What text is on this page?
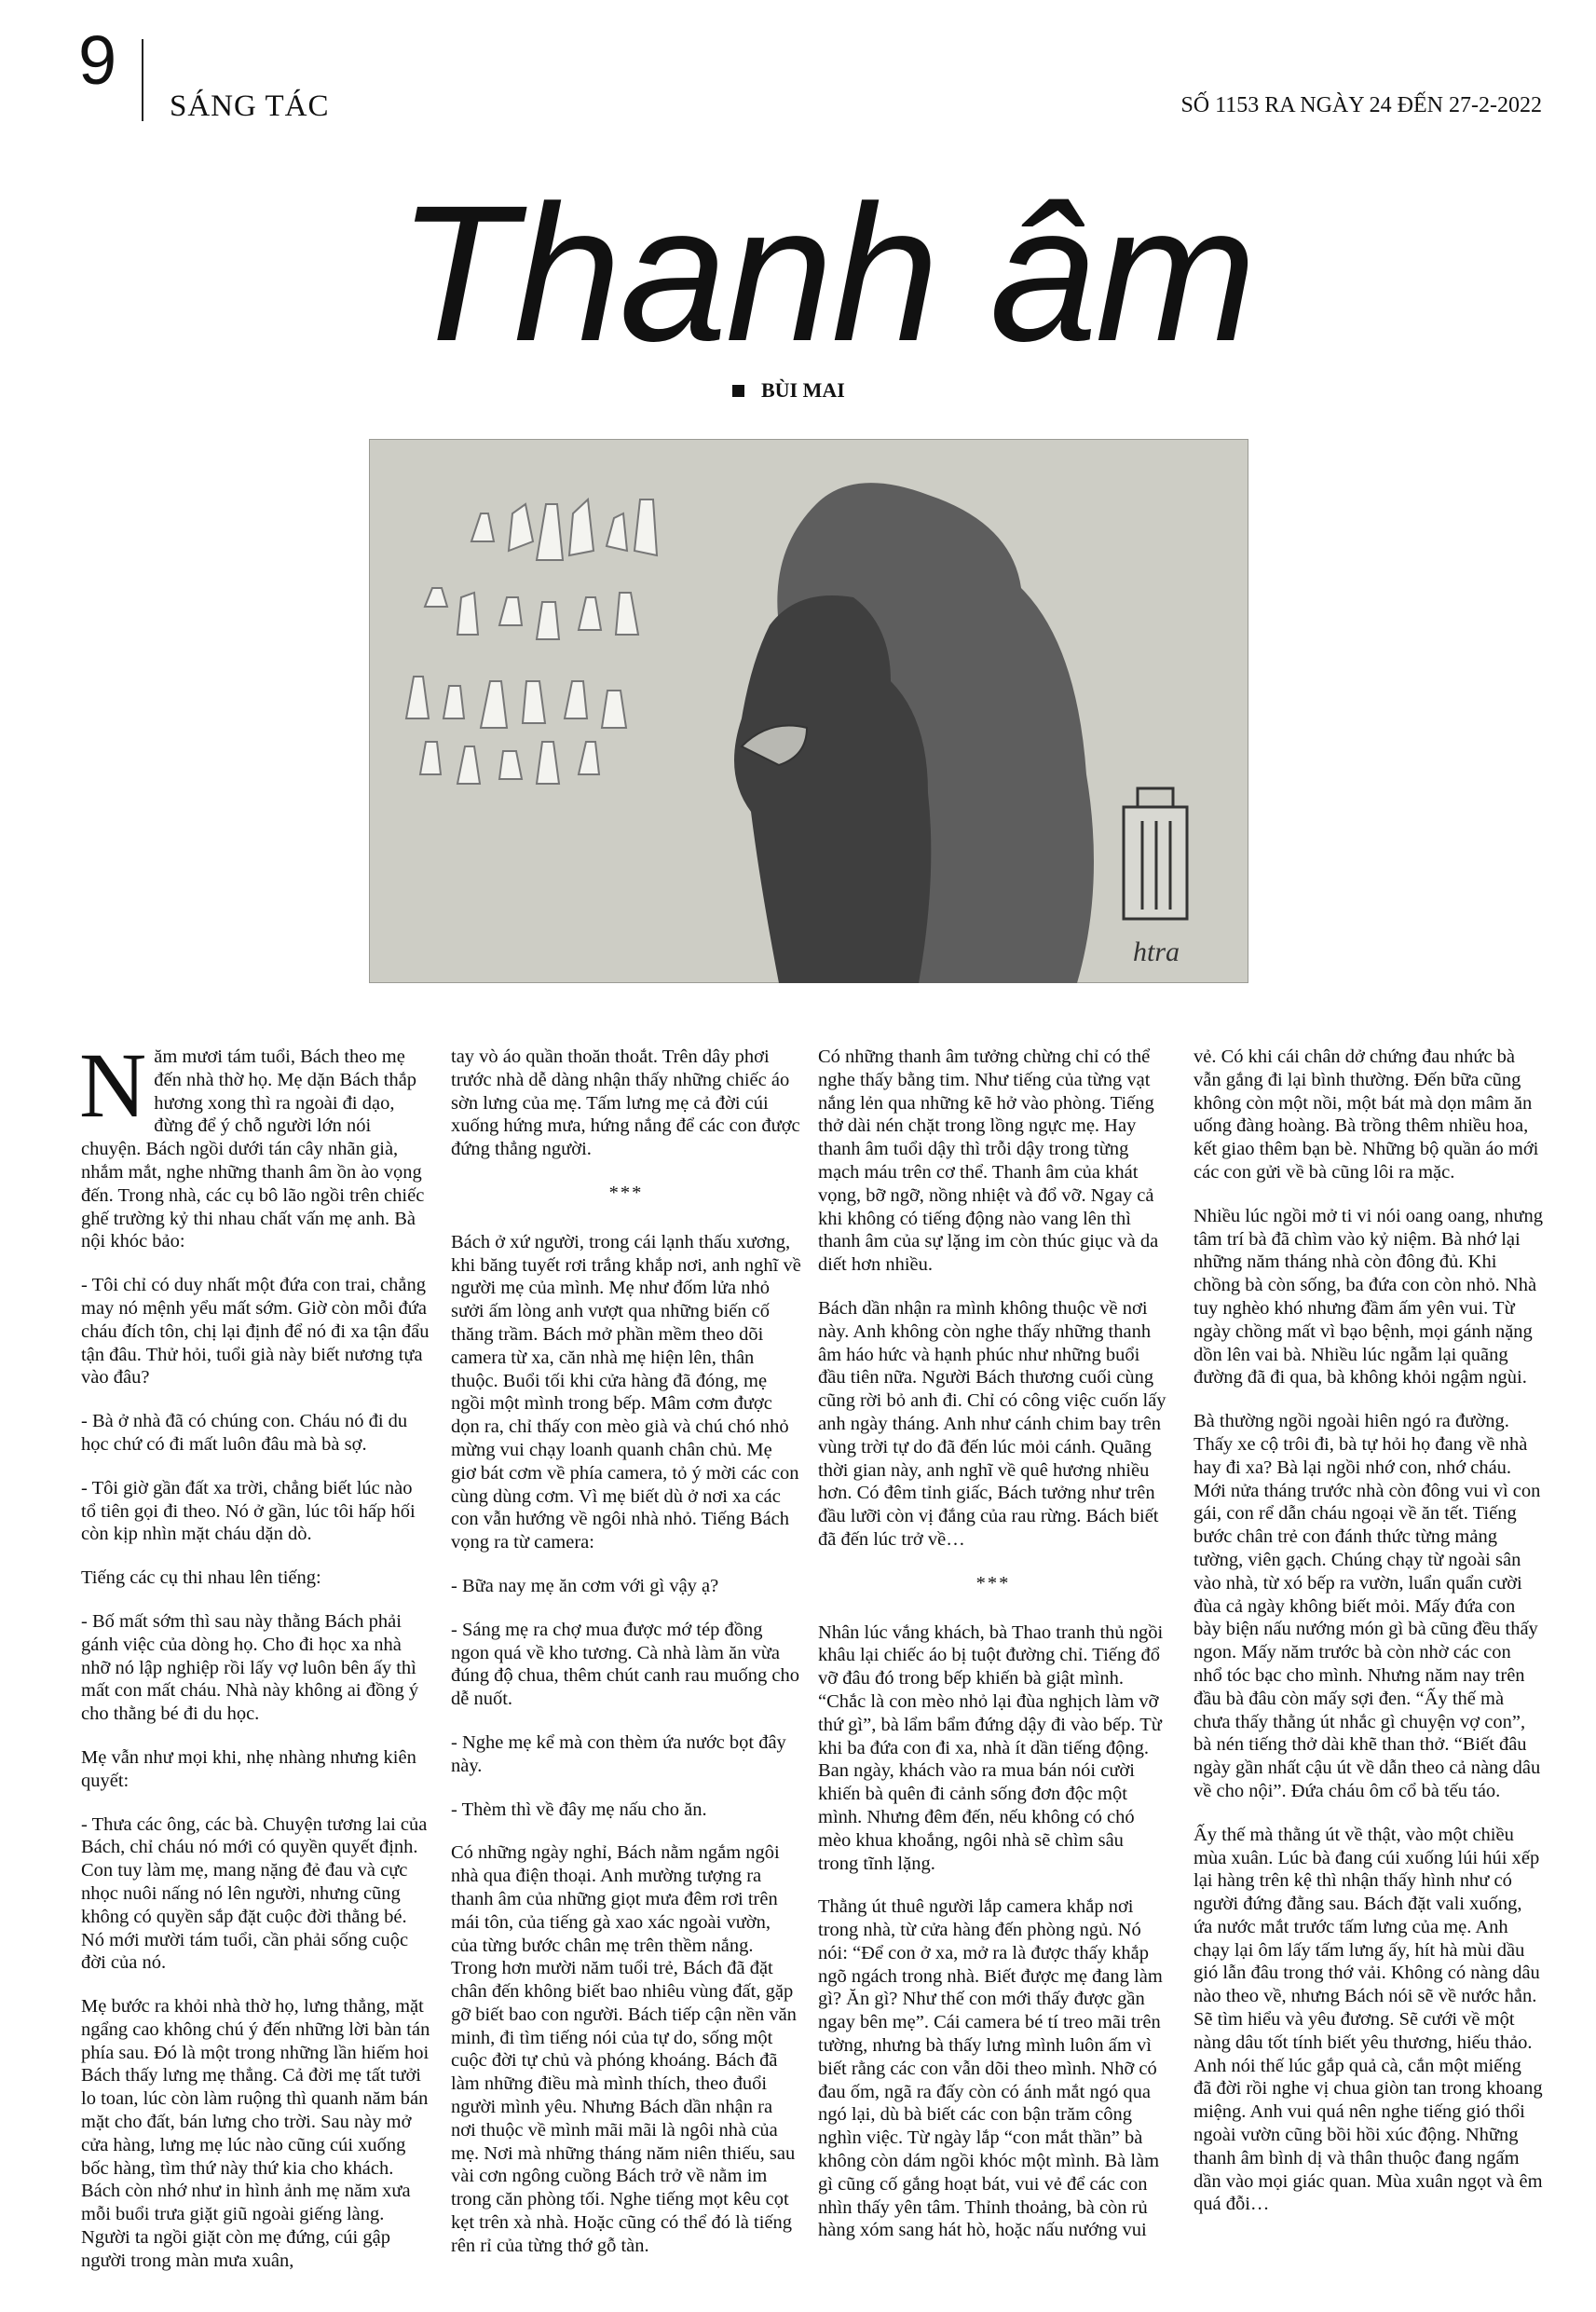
9
SÁNG TÁC	SỐ 1153 RA NGÀY 24 ĐẾN 27-2-2022
Thanh âm
BÙI MAI
htra

Năm mươi tám tuổi, Bách theo mẹ đến nhà thờ họ. Mẹ dặn Bách thắp hương xong thì ra ngoài đi dạo, đừng để ý chỗ người lớn nói chuyện. Bách ngồi dưới tán cây nhãn già, nhắm mắt, nghe những thanh âm ồn ào vọng đến. Trong nhà, các cụ bô lão ngồi trên chiếc ghế trường kỷ thi nhau chất vấn mẹ anh. Bà nội khóc bảo:

- Tôi chỉ có duy nhất một đứa con trai, chẳng may nó mệnh yểu mất sớm. Giờ còn mỗi đứa cháu đích tôn, chị lại định để nó đi xa tận đẩu tận đâu. Thử hỏi, tuổi già này biết nương tựa vào đâu?

- Bà ở nhà đã có chúng con. Cháu nó đi du học chứ có đi mất luôn đâu mà bà sợ.

- Tôi giờ gần đất xa trời, chẳng biết lúc nào tổ tiên gọi đi theo. Nó ở gần, lúc tôi hấp hối còn kịp nhìn mặt cháu dặn dò.

Tiếng các cụ thi nhau lên tiếng:

- Bố mất sớm thì sau này thằng Bách phải gánh việc của dòng họ. Cho đi học xa nhà nhỡ nó lập nghiệp rồi lấy vợ luôn bên ấy thì mất con mất cháu. Nhà này không ai đồng ý cho thằng bé đi du học.

Mẹ vẫn như mọi khi, nhẹ nhàng nhưng kiên quyết:

- Thưa các ông, các bà. Chuyện tương lai của Bách, chỉ cháu nó mới có quyền quyết định. Con tuy làm mẹ, mang nặng đẻ đau và cực nhọc nuôi nấng nó lên người, nhưng cũng không có quyền sắp đặt cuộc đời thằng bé. Nó mới mười tám tuổi, cần phải sống cuộc đời của nó.

Mẹ bước ra khỏi nhà thờ họ, lưng thẳng, mặt ngẩng cao không chú ý đến những lời bàn tán phía sau. Đó là một trong những lần hiếm hoi Bách thấy lưng mẹ thẳng. Cả đời mẹ tất tưởi lo toan, lúc còn làm ruộng thì quanh năm bán mặt cho đất, bán lưng cho trời. Sau này mở cửa hàng, lưng mẹ lúc nào cũng cúi xuống bốc hàng, tìm thứ này thứ kia cho khách. Bách còn nhớ như in hình ảnh mẹ năm xưa mỗi buổi trưa giặt giũ ngoài giếng làng. Người ta ngồi giặt còn mẹ đứng, cúi gập người trong màn mưa xuân,

tay vò áo quần thoăn thoắt. Trên dây phơi trước nhà dễ dàng nhận thấy những chiếc áo sờn lưng của mẹ. Tấm lưng mẹ cả đời cúi xuống hứng mưa, hứng nắng để các con được đứng thẳng người.

***

Bách ở xứ người, trong cái lạnh thấu xương, khi băng tuyết rơi trắng khắp nơi, anh nghĩ về người mẹ của mình. Mẹ như đốm lửa nhỏ sưởi ấm lòng anh vượt qua những biến cố thăng trầm. Bách mở phần mềm theo dõi camera từ xa, căn nhà mẹ hiện lên, thân thuộc. Buổi tối khi cửa hàng đã đóng, mẹ ngồi một mình trong bếp. Mâm cơm được dọn ra, chỉ thấy con mèo già và chú chó nhỏ mừng vui chạy loanh quanh chân chủ. Mẹ giơ bát cơm về phía camera, tỏ ý mời các con cùng dùng cơm. Vì mẹ biết dù ở nơi xa các con vẫn hướng về ngôi nhà nhỏ. Tiếng Bách vọng ra từ camera:

- Bữa nay mẹ ăn cơm với gì vậy ạ?

- Sáng mẹ ra chợ mua được mớ tép đồng ngon quá về kho tương. Cà nhà làm ăn vừa đúng độ chua, thêm chút canh rau muống cho dễ nuốt.

- Nghe mẹ kể mà con thèm ứa nước bọt đây này.

- Thèm thì về đây mẹ nấu cho ăn.

Có những ngày nghỉ, Bách nằm ngắm ngôi nhà qua điện thoại. Anh mường tượng ra thanh âm của những giọt mưa đêm rơi trên mái tôn, của tiếng gà xao xác ngoài vườn, của từng bước chân mẹ trên thềm nắng. Trong hơn mười năm tuổi trẻ, Bách đã đặt chân đến không biết bao nhiêu vùng đất, gặp gỡ biết bao con người. Bách tiếp cận nền văn minh, đi tìm tiếng nói của tự do, sống một cuộc đời tự chủ và phóng khoáng. Bách đã làm những điều mà mình thích, theo đuổi người mình yêu. Nhưng Bách dần nhận ra nơi thuộc về mình mãi mãi là ngôi nhà của mẹ. Nơi mà những tháng năm niên thiếu, sau vài cơn ngông cuồng Bách trở về nằm im trong căn phòng tối. Nghe tiếng mọt kêu cọt kẹt trên xà nhà. Hoặc cũng có thể đó là tiếng rên rỉ của từng thớ gỗ tàn.

Có những thanh âm tưởng chừng chỉ có thể nghe thấy bằng tim. Như tiếng của từng vạt nắng lẻn qua những kẽ hở vào phòng. Tiếng thở dài nén chặt trong lồng ngực mẹ. Hay thanh âm tuổi dậy thì trỗi dậy trong từng mạch máu trên cơ thể. Thanh âm của khát vọng, bỡ ngỡ, nồng nhiệt và đổ vỡ. Ngay cả khi không có tiếng động nào vang lên thì thanh âm của sự lặng im còn thúc giục và da diết hơn nhiều.

Bách dần nhận ra mình không thuộc về nơi này. Anh không còn nghe thấy những thanh âm háo hức và hạnh phúc như những buổi đầu tiên nữa. Người Bách thương cuối cùng cũng rời bỏ anh đi. Chỉ có công việc cuốn lấy anh ngày tháng. Anh như cánh chim bay trên vùng trời tự do đã đến lúc mỏi cánh. Quãng thời gian này, anh nghĩ về quê hương nhiều hơn. Có đêm tỉnh giấc, Bách tưởng như trên đầu lưỡi còn vị đắng của rau rừng. Bách biết đã đến lúc trở về…

***

Nhân lúc vắng khách, bà Thao tranh thủ ngồi khâu lại chiếc áo bị tuột đường chỉ. Tiếng đổ vỡ đâu đó trong bếp khiến bà giật mình. “Chắc là con mèo nhỏ lại đùa nghịch làm vỡ thứ gì”, bà lẩm bẩm đứng dậy đi vào bếp. Từ khi ba đứa con đi xa, nhà ít dần tiếng động. Ban ngày, khách vào ra mua bán nói cười khiến bà quên đi cảnh sống đơn độc một mình. Nhưng đêm đến, nếu không có chó mèo khua khoắng, ngôi nhà sẽ chìm sâu trong tĩnh lặng.

Thằng út thuê người lắp camera khắp nơi trong nhà, từ cửa hàng đến phòng ngủ. Nó nói: “Để con ở xa, mở ra là được thấy khắp ngõ ngách trong nhà. Biết được mẹ đang làm gì? Ăn gì? Như thế con mới thấy được gần ngay bên mẹ”. Cái camera bé tí treo mãi trên tường, nhưng bà thấy lưng mình luôn ấm vì biết rằng các con vẫn dõi theo mình. Nhỡ có đau ốm, ngã ra đấy còn có ánh mắt ngó qua ngó lại, dù bà biết các con bận trăm công nghìn việc. Từ ngày lắp “con mắt thần” bà không còn dám ngồi khóc một mình. Bà làm gì cũng cố gắng hoạt bát, vui vẻ để các con nhìn thấy yên tâm. Thỉnh thoảng, bà còn rủ hàng xóm sang hát hò, hoặc nấu nướng vui

vẻ. Có khi cái chân dở chứng đau nhức bà vẫn gắng đi lại bình thường. Đến bữa cũng không còn một nồi, một bát mà dọn mâm ăn uống đàng hoàng. Bà trồng thêm nhiều hoa, kết giao thêm bạn bè. Những bộ quần áo mới các con gửi về bà cũng lôi ra mặc.

Nhiều lúc ngồi mở ti vi nói oang oang, nhưng tâm trí bà đã chìm vào kỷ niệm. Bà nhớ lại những năm tháng nhà còn đông đủ. Khi chồng bà còn sống, ba đứa con còn nhỏ. Nhà tuy nghèo khó nhưng đầm ấm yên vui. Từ ngày chồng mất vì bạo bệnh, mọi gánh nặng dồn lên vai bà. Nhiều lúc ngẫm lại quãng đường đã đi qua, bà không khỏi ngậm ngùi.

Bà thường ngồi ngoài hiên ngó ra đường. Thấy xe cộ trôi đi, bà tự hỏi họ đang về nhà hay đi xa? Bà lại ngồi nhớ con, nhớ cháu. Mới nửa tháng trước nhà còn đông vui vì con gái, con rể dẫn cháu ngoại về ăn tết. Tiếng bước chân trẻ con đánh thức từng mảng tường, viên gạch. Chúng chạy từ ngoài sân vào nhà, từ xó bếp ra vườn, luẩn quẩn cười đùa cả ngày không biết mỏi. Mấy đứa con bày biện nấu nướng món gì bà cũng đều thấy ngon. Mấy năm trước bà còn nhờ các con nhổ tóc bạc cho mình. Nhưng năm nay trên đầu bà đâu còn mấy sợi đen. “Ấy thế mà chưa thấy thằng út nhắc gì chuyện vợ con”, bà nén tiếng thở dài khẽ than thở. “Biết đâu ngày gần nhất cậu út về dẫn theo cả nàng dâu về cho nội”. Đứa cháu ôm cổ bà tếu táo.

Ấy thế mà thằng út về thật, vào một chiều mùa xuân. Lúc bà đang cúi xuống lúi húi xếp lại hàng trên kệ thì nhận thấy hình như có người đứng đằng sau. Bách đặt vali xuống, ứa nước mắt trước tấm lưng của mẹ. Anh chạy lại ôm lấy tấm lưng ấy, hít hà mùi dầu gió lẫn đâu trong thớ vải. Không có nàng dâu nào theo về, nhưng Bách nói sẽ về nước hẳn. Sẽ tìm hiểu và yêu đương. Sẽ cưới về một nàng dâu tốt tính biết yêu thương, hiếu thảo. Anh nói thế lúc gắp quả cà, cắn một miếng đã đời rồi nghe vị chua giòn tan trong khoang miệng. Anh vui quá nên nghe tiếng gió thổi ngoài vườn cũng bồi hồi xúc động. Những thanh âm bình dị và thân thuộc đang ngấm dần vào mọi giác quan. Mùa xuân ngọt và êm quá đỗi…
